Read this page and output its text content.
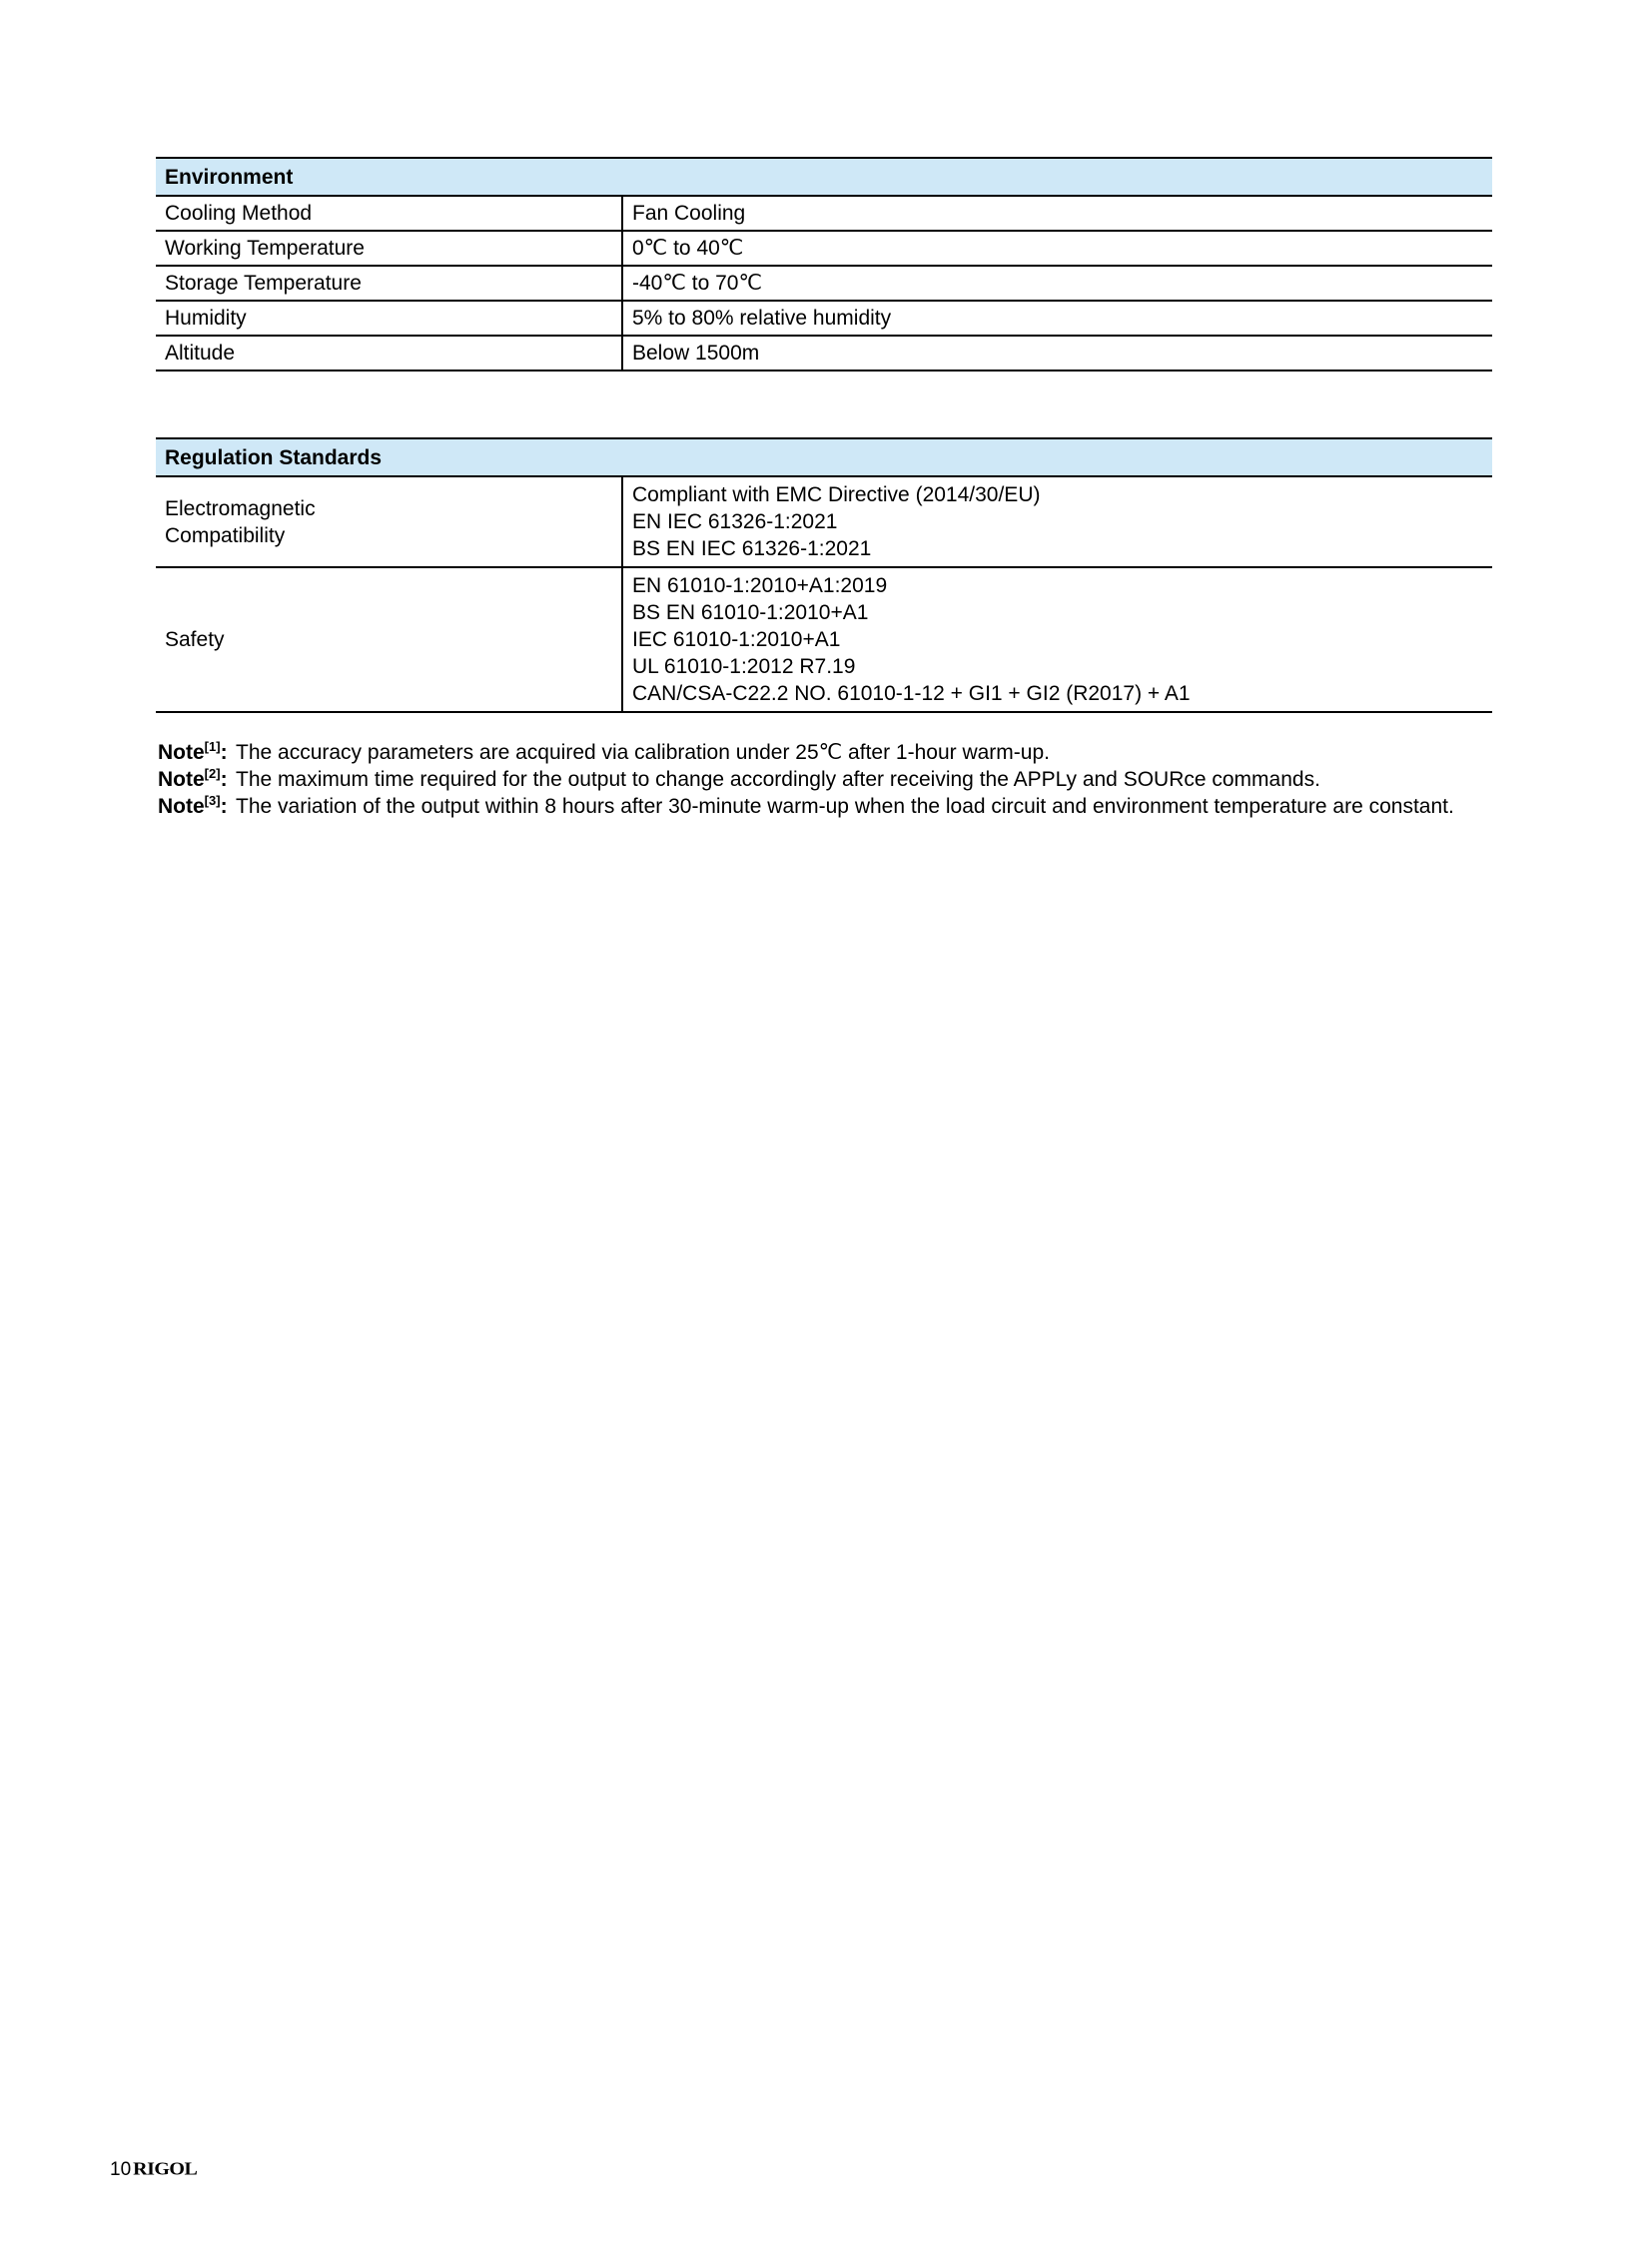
Environment	
Cooling Method	Fan Cooling
Working Temperature	0℃ to 40℃
Storage Temperature	-40℃ to 70℃
Humidity	5% to 80% relative humidity
Altitude	Below 1500m
Regulation Standards	

Electromagnetic
Compatibility	Compliant with EMC Directive (2014/30/EU)
EN IEC 61326-1:2021
BS EN IEC 61326-1:2021

Safety	EN 61010-1:2010+A1:2019
BS EN 61010-1:2010+A1
IEC 61010-1:2010+A1
UL 61010-1:2012 R7.19
CAN/CSA-C22.2 NO. 61010-1-12 + GI1 + GI2 (R2017) + A1
Note[1]: The accuracy parameters are acquired via calibration under 25℃ after 1-hour warm-up.
Note[2]: The maximum time required for the output to change accordingly after receiving the APPLy and SOURce commands.
Note[3]: The variation of the output within 8 hours after 30-minute warm-up when the load circuit and environment temperature are constant.
10 RIGOL
